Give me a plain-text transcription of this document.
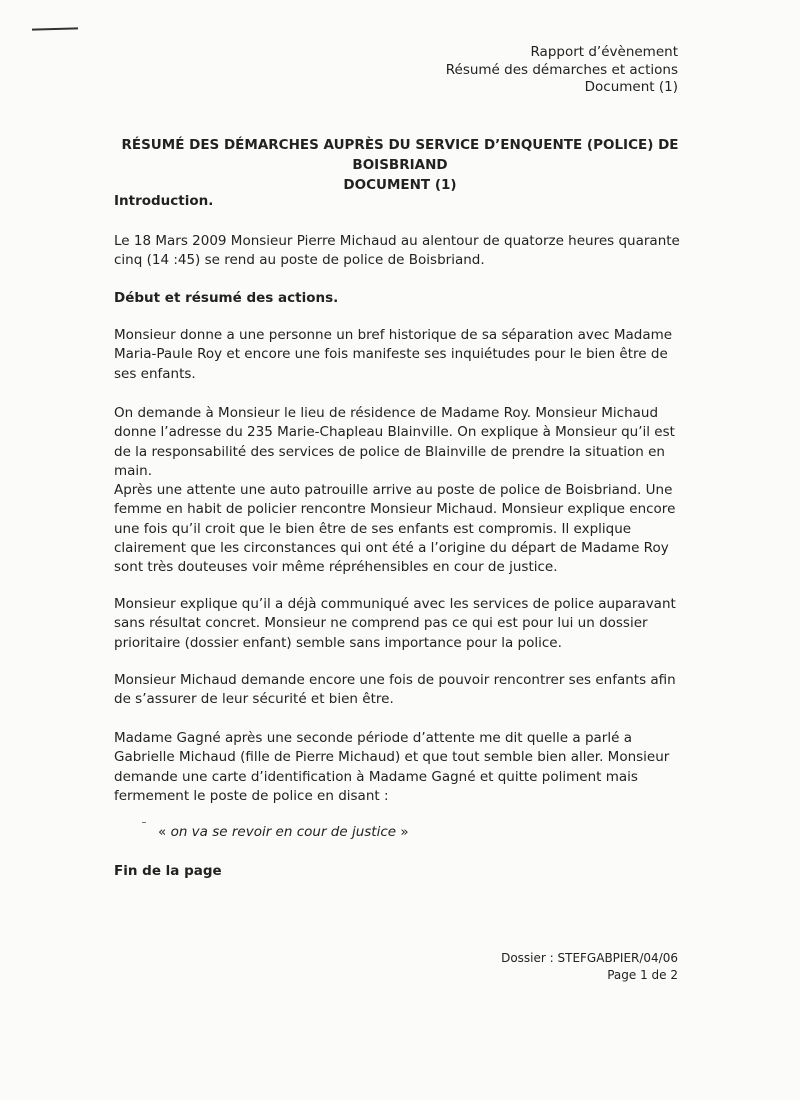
Rapport d’évènement
Résumé des démarches et actions
Document (1)
RÉSUMÉ DES DÉMARCHES AUPRÈS DU SERVICE D’ENQUENTE (POLICE) DE BOISBRIAND
DOCUMENT (1)
Introduction.
Le 18 Mars 2009 Monsieur Pierre Michaud au alentour de quatorze heures quarante cinq (14 :45) se rend au poste de police de Boisbriand.
Début et résumé des actions.
Monsieur donne a une personne un bref historique de sa séparation avec Madame Maria-Paule Roy et encore une fois manifeste ses inquiétudes pour le bien être de ses enfants.
On demande à Monsieur le lieu de résidence de Madame Roy. Monsieur Michaud donne l’adresse du 235 Marie-Chapleau Blainville. On explique à Monsieur qu’il est de la responsabilité des services de police de Blainville de prendre la situation en main.
Après une attente une auto patrouille arrive au poste de police de Boisbriand. Une femme en habit de policier rencontre Monsieur Michaud. Monsieur explique encore une fois qu’il croit que le bien être de ses enfants est compromis. Il explique clairement que les circonstances qui ont été a l’origine du départ de Madame Roy sont très douteuses voir même répréhensibles en cour de justice.
Monsieur explique qu’il a déjà communiqué avec les services de police auparavant sans résultat concret. Monsieur ne comprend pas ce qui est pour lui un dossier prioritaire (dossier enfant) semble sans importance pour la police.
Monsieur Michaud demande encore une fois de pouvoir rencontrer ses enfants afin de s’assurer de leur sécurité et bien être.
Madame Gagné après une seconde période d’attente me dit quelle a parlé a Gabrielle Michaud (fille de Pierre Michaud) et que tout semble bien aller. Monsieur demande une carte d’identification à Madame Gagné et quitte poliment mais fermement le poste de police en disant :
« on va se revoir en cour de justice »
Fin de la page
Dossier : STEFGABPIER/04/06
Page 1 de 2
